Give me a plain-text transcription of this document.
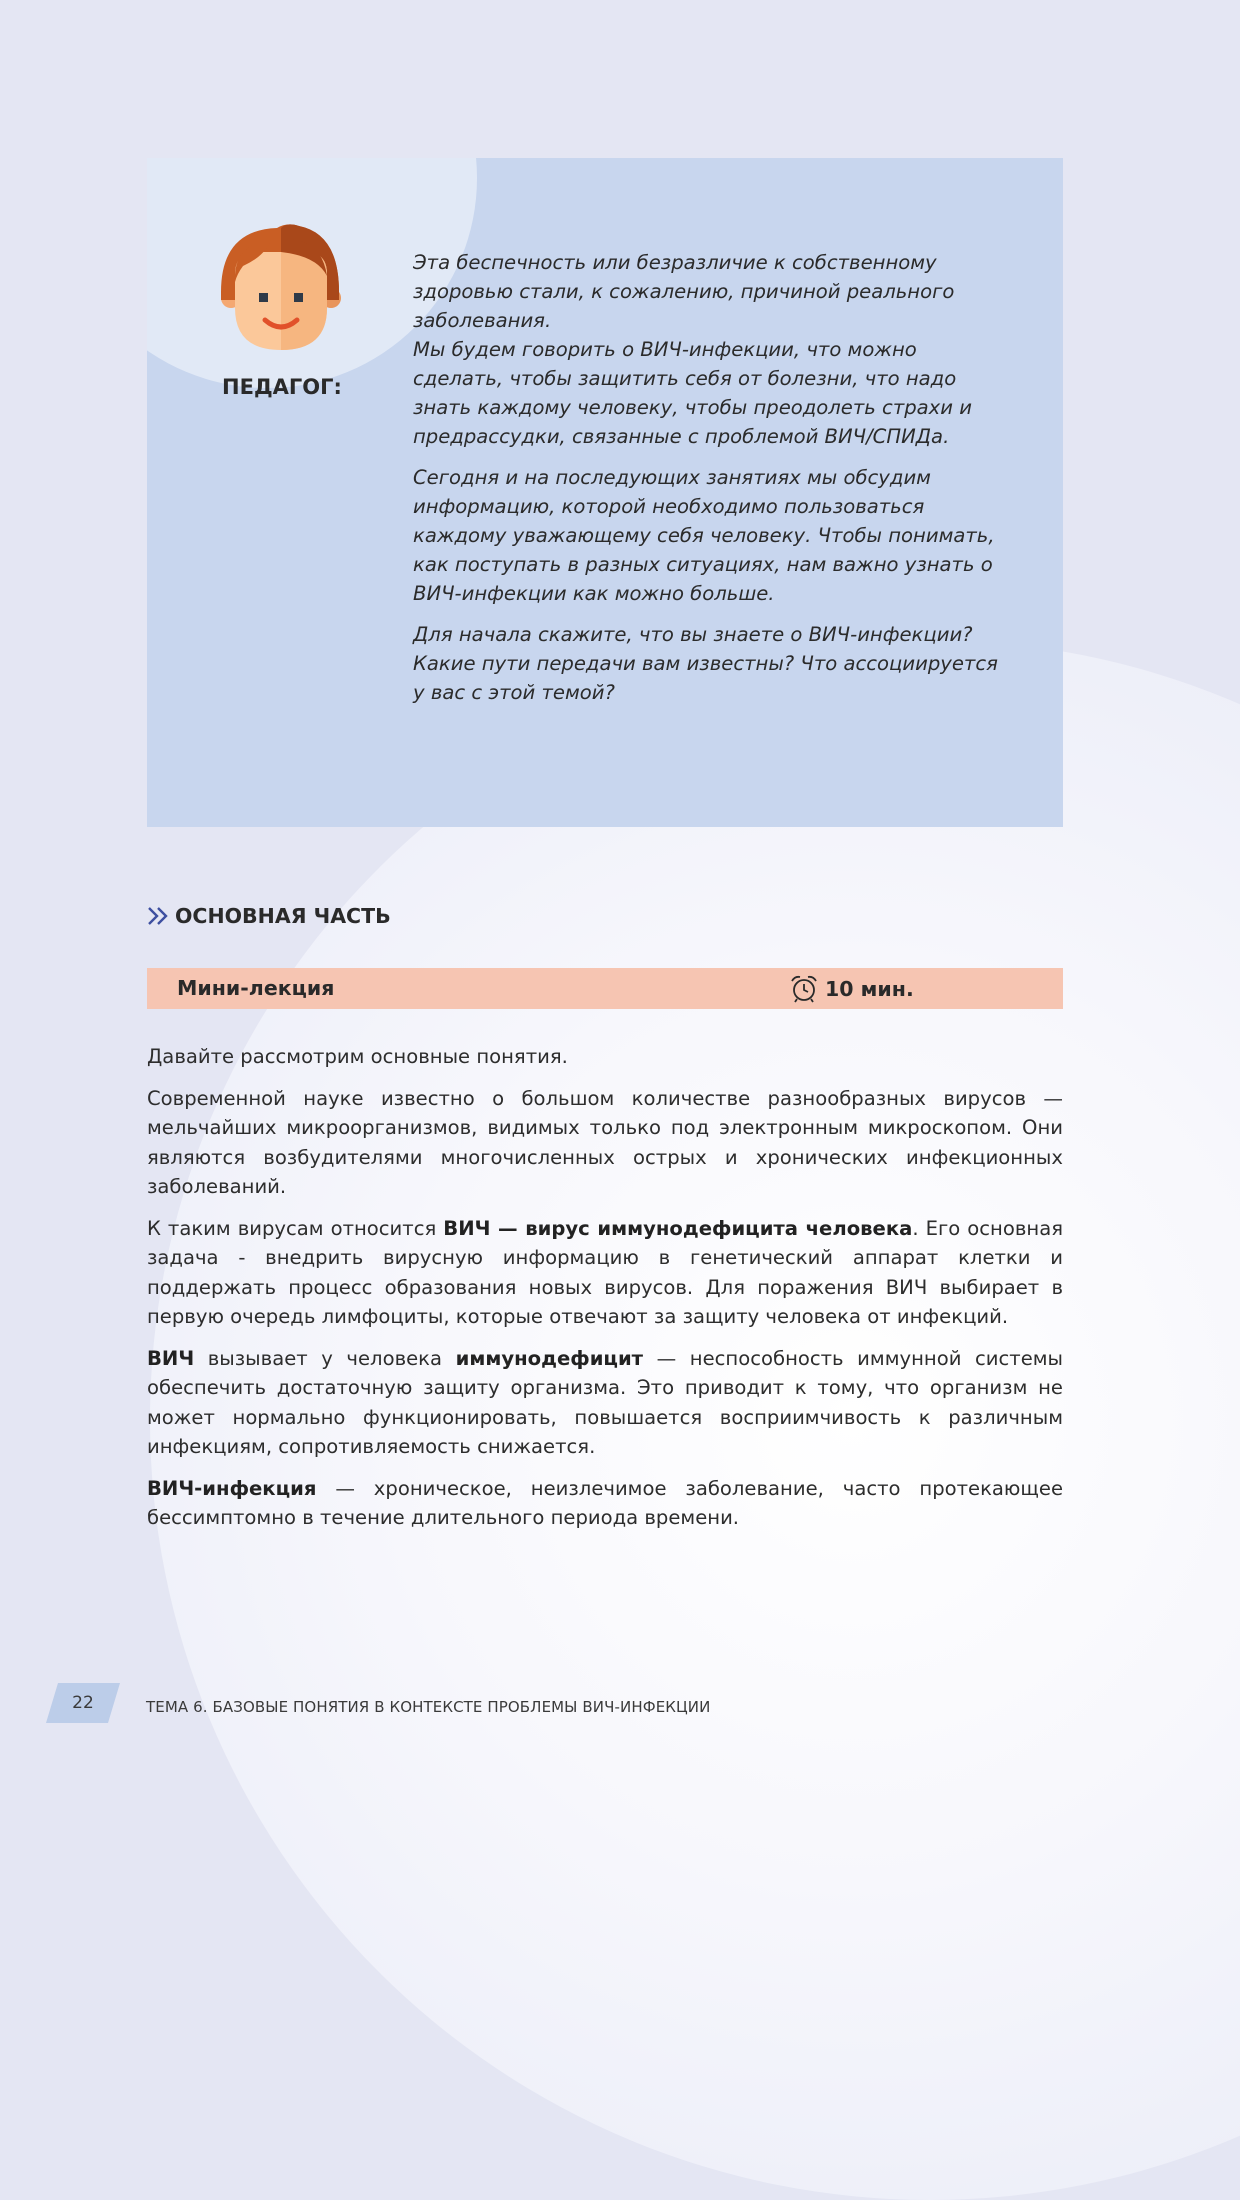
ПЕДАГОГ:

Эта беспечность или безразличие к собственному здоровью стали, к сожалению, причиной реального заболевания.

Мы будем говорить о ВИЧ-инфекции, что можно сделать, чтобы защитить себя от болезни, что надо знать каждому человеку, чтобы преодолеть страхи и предрассудки, связанные с проблемой ВИЧ/СПИДа.

Сегодня и на последующих занятиях мы обсудим информацию, которой необходимо пользоваться каждому уважающему себя человеку. Чтобы понимать, как поступать в разных ситуациях, нам важно узнать о ВИЧ-инфекции как можно больше.

Для начала скажите, что вы знаете о ВИЧ-инфекции? Какие пути передачи вам известны? Что ассоциируется у вас с этой темой?

ОСНОВНАЯ ЧАСТЬ
Мини-лекция	10 мин.

Давайте рассмотрим основные понятия.

Современной науке известно о большом количестве разнообразных вирусов — мельчайших микроорганизмов, видимых только под электронным микроскопом. Они являются возбудителями многочисленных острых и хронических инфекционных заболеваний.

К таким вирусам относится ВИЧ — вирус иммунодефицита человека. Его основная задача - внедрить вирусную информацию в генетический аппарат клетки и поддержать процесс образования новых вирусов. Для поражения ВИЧ выбирает в первую очередь лимфоциты, которые отвечают за защиту человека от инфекций.

ВИЧ вызывает у человека иммунодефицит — неспособность иммунной системы обеспечить достаточную защиту организма. Это приводит к тому, что организм не может нормально функционировать, повышается восприимчивость к различным инфекциям, сопротивляемость снижается.

ВИЧ-инфекция — хроническое, неизлечимое заболевание, часто протекающее бессимптомно в течение длительного периода времени.

22	ТЕМА 6. БАЗОВЫЕ ПОНЯТИЯ В КОНТЕКСТЕ ПРОБЛЕМЫ ВИЧ-ИНФЕКЦИИ
